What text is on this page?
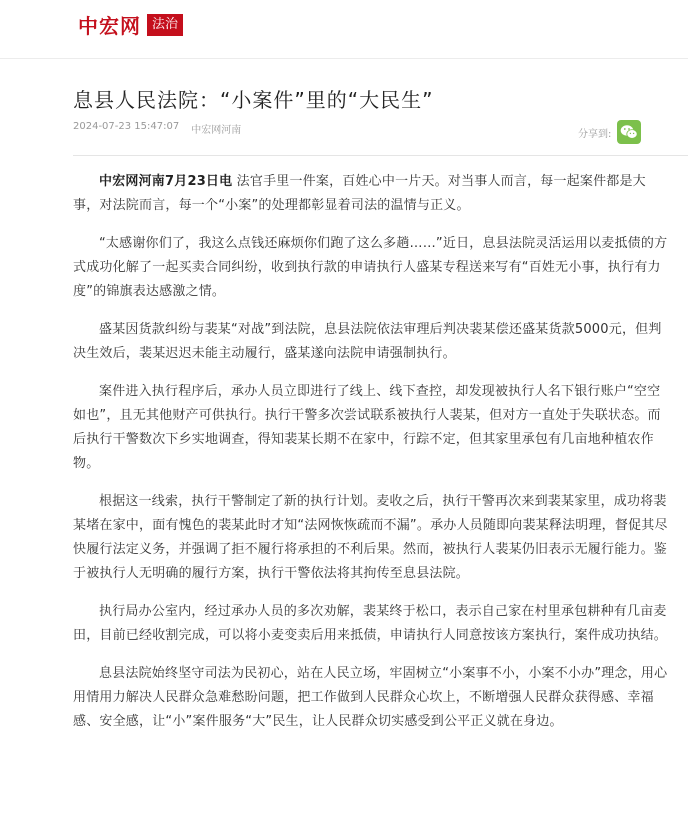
中宏网 法治
息县人民法院：“小案件”里的“大民生”
2024-07-23 15:47:07 中宏网河南	分享到:

中宏网河南7月23日电 法官手里一件案，百姓心中一片天。对当事人而言，每一起案件都是大事，对法院而言，每一个“小案”的处理都彰显着司法的温情与正义。

“太感谢你们了，我这么点钱还麻烦你们跑了这么多趟……”近日，息县法院灵活运用以麦抵债的方式成功化解了一起买卖合同纠纷，收到执行款的申请执行人盛某专程送来写有“百姓无小事，执行有力度”的锦旗表达感激之情。

盛某因货款纠纷与裴某“对战”到法院，息县法院依法审理后判决裴某偿还盛某货款5000元，但判决生效后，裴某迟迟未能主动履行，盛某遂向法院申请强制执行。

案件进入执行程序后，承办人员立即进行了线上、线下查控，却发现被执行人名下银行账户“空空如也”，且无其他财产可供执行。执行干警多次尝试联系被执行人裴某，但对方一直处于失联状态。而后执行干警数次下乡实地调查，得知裴某长期不在家中，行踪不定，但其家里承包有几亩地种植农作物。

根据这一线索，执行干警制定了新的执行计划。麦收之后，执行干警再次来到裴某家里，成功将裴某堵在家中，面有愧色的裴某此时才知“法网恢恢疏而不漏”。承办人员随即向裴某释法明理，督促其尽快履行法定义务，并强调了拒不履行将承担的不利后果。然而，被执行人裴某仍旧表示无履行能力。鉴于被执行人无明确的履行方案，执行干警依法将其拘传至息县法院。

执行局办公室内，经过承办人员的多次劝解，裴某终于松口，表示自己家在村里承包耕种有几亩麦田，目前已经收割完成，可以将小麦变卖后用来抵债，申请执行人同意按该方案执行，案件成功执结。

息县法院始终坚守司法为民初心，站在人民立场，牢固树立“小案事不小，小案不小办”理念，用心用情用力解决人民群众急难愁盼问题，把工作做到人民群众心坎上，不断增强人民群众获得感、幸福感、安全感，让“小”案件服务“大”民生，让人民群众切实感受到公平正义就在身边。
